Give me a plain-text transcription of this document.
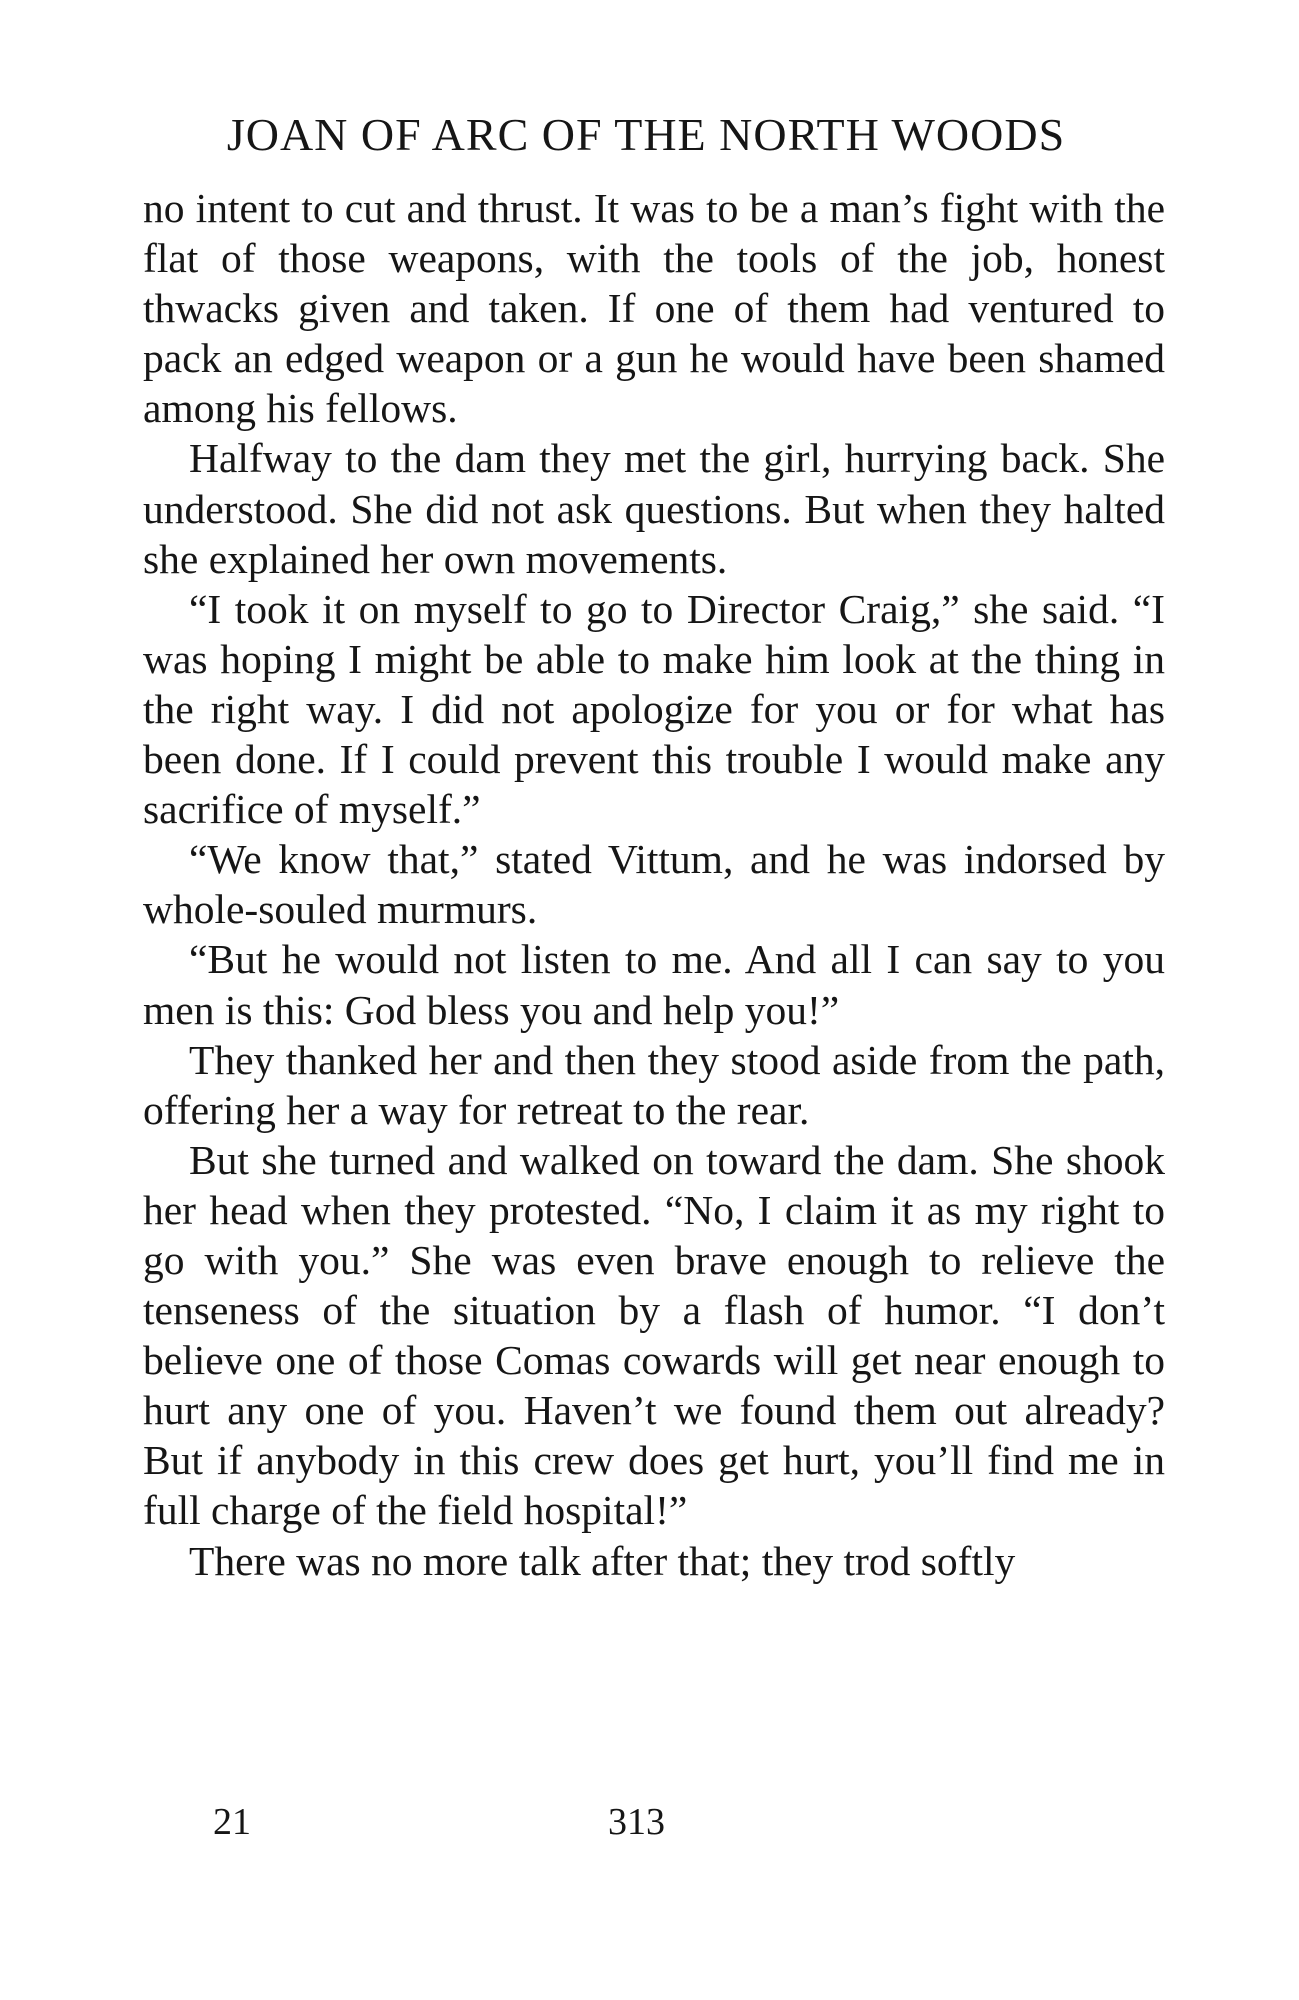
JOAN OF ARC OF THE NORTH WOODS

no intent to cut and thrust. It was to be a man’s fight with the flat of those weapons, with the tools of the job, honest thwacks given and taken. If one of them had ventured to pack an edged weapon or a gun he would have been shamed among his fellows.

Halfway to the dam they met the girl, hurrying back. She understood. She did not ask questions. But when they halted she explained her own movements.

“I took it on myself to go to Director Craig,” she said. “I was hoping I might be able to make him look at the thing in the right way. I did not apologize for you or for what has been done. If I could prevent this trouble I would make any sacrifice of myself.”

“We know that,” stated Vittum, and he was indorsed by whole-souled murmurs.

“But he would not listen to me. And all I can say to you men is this: God bless you and help you!”

They thanked her and then they stood aside from the path, offering her a way for retreat to the rear.

But she turned and walked on toward the dam. She shook her head when they protested. “No, I claim it as my right to go with you.” She was even brave enough to relieve the tenseness of the situation by a flash of humor. “I don’t believe one of those Comas cowards will get near enough to hurt any one of you. Haven’t we found them out already? But if anybody in this crew does get hurt, you’ll find me in full charge of the field hospital!”

There was no more talk after that; they trod softly

21	313
